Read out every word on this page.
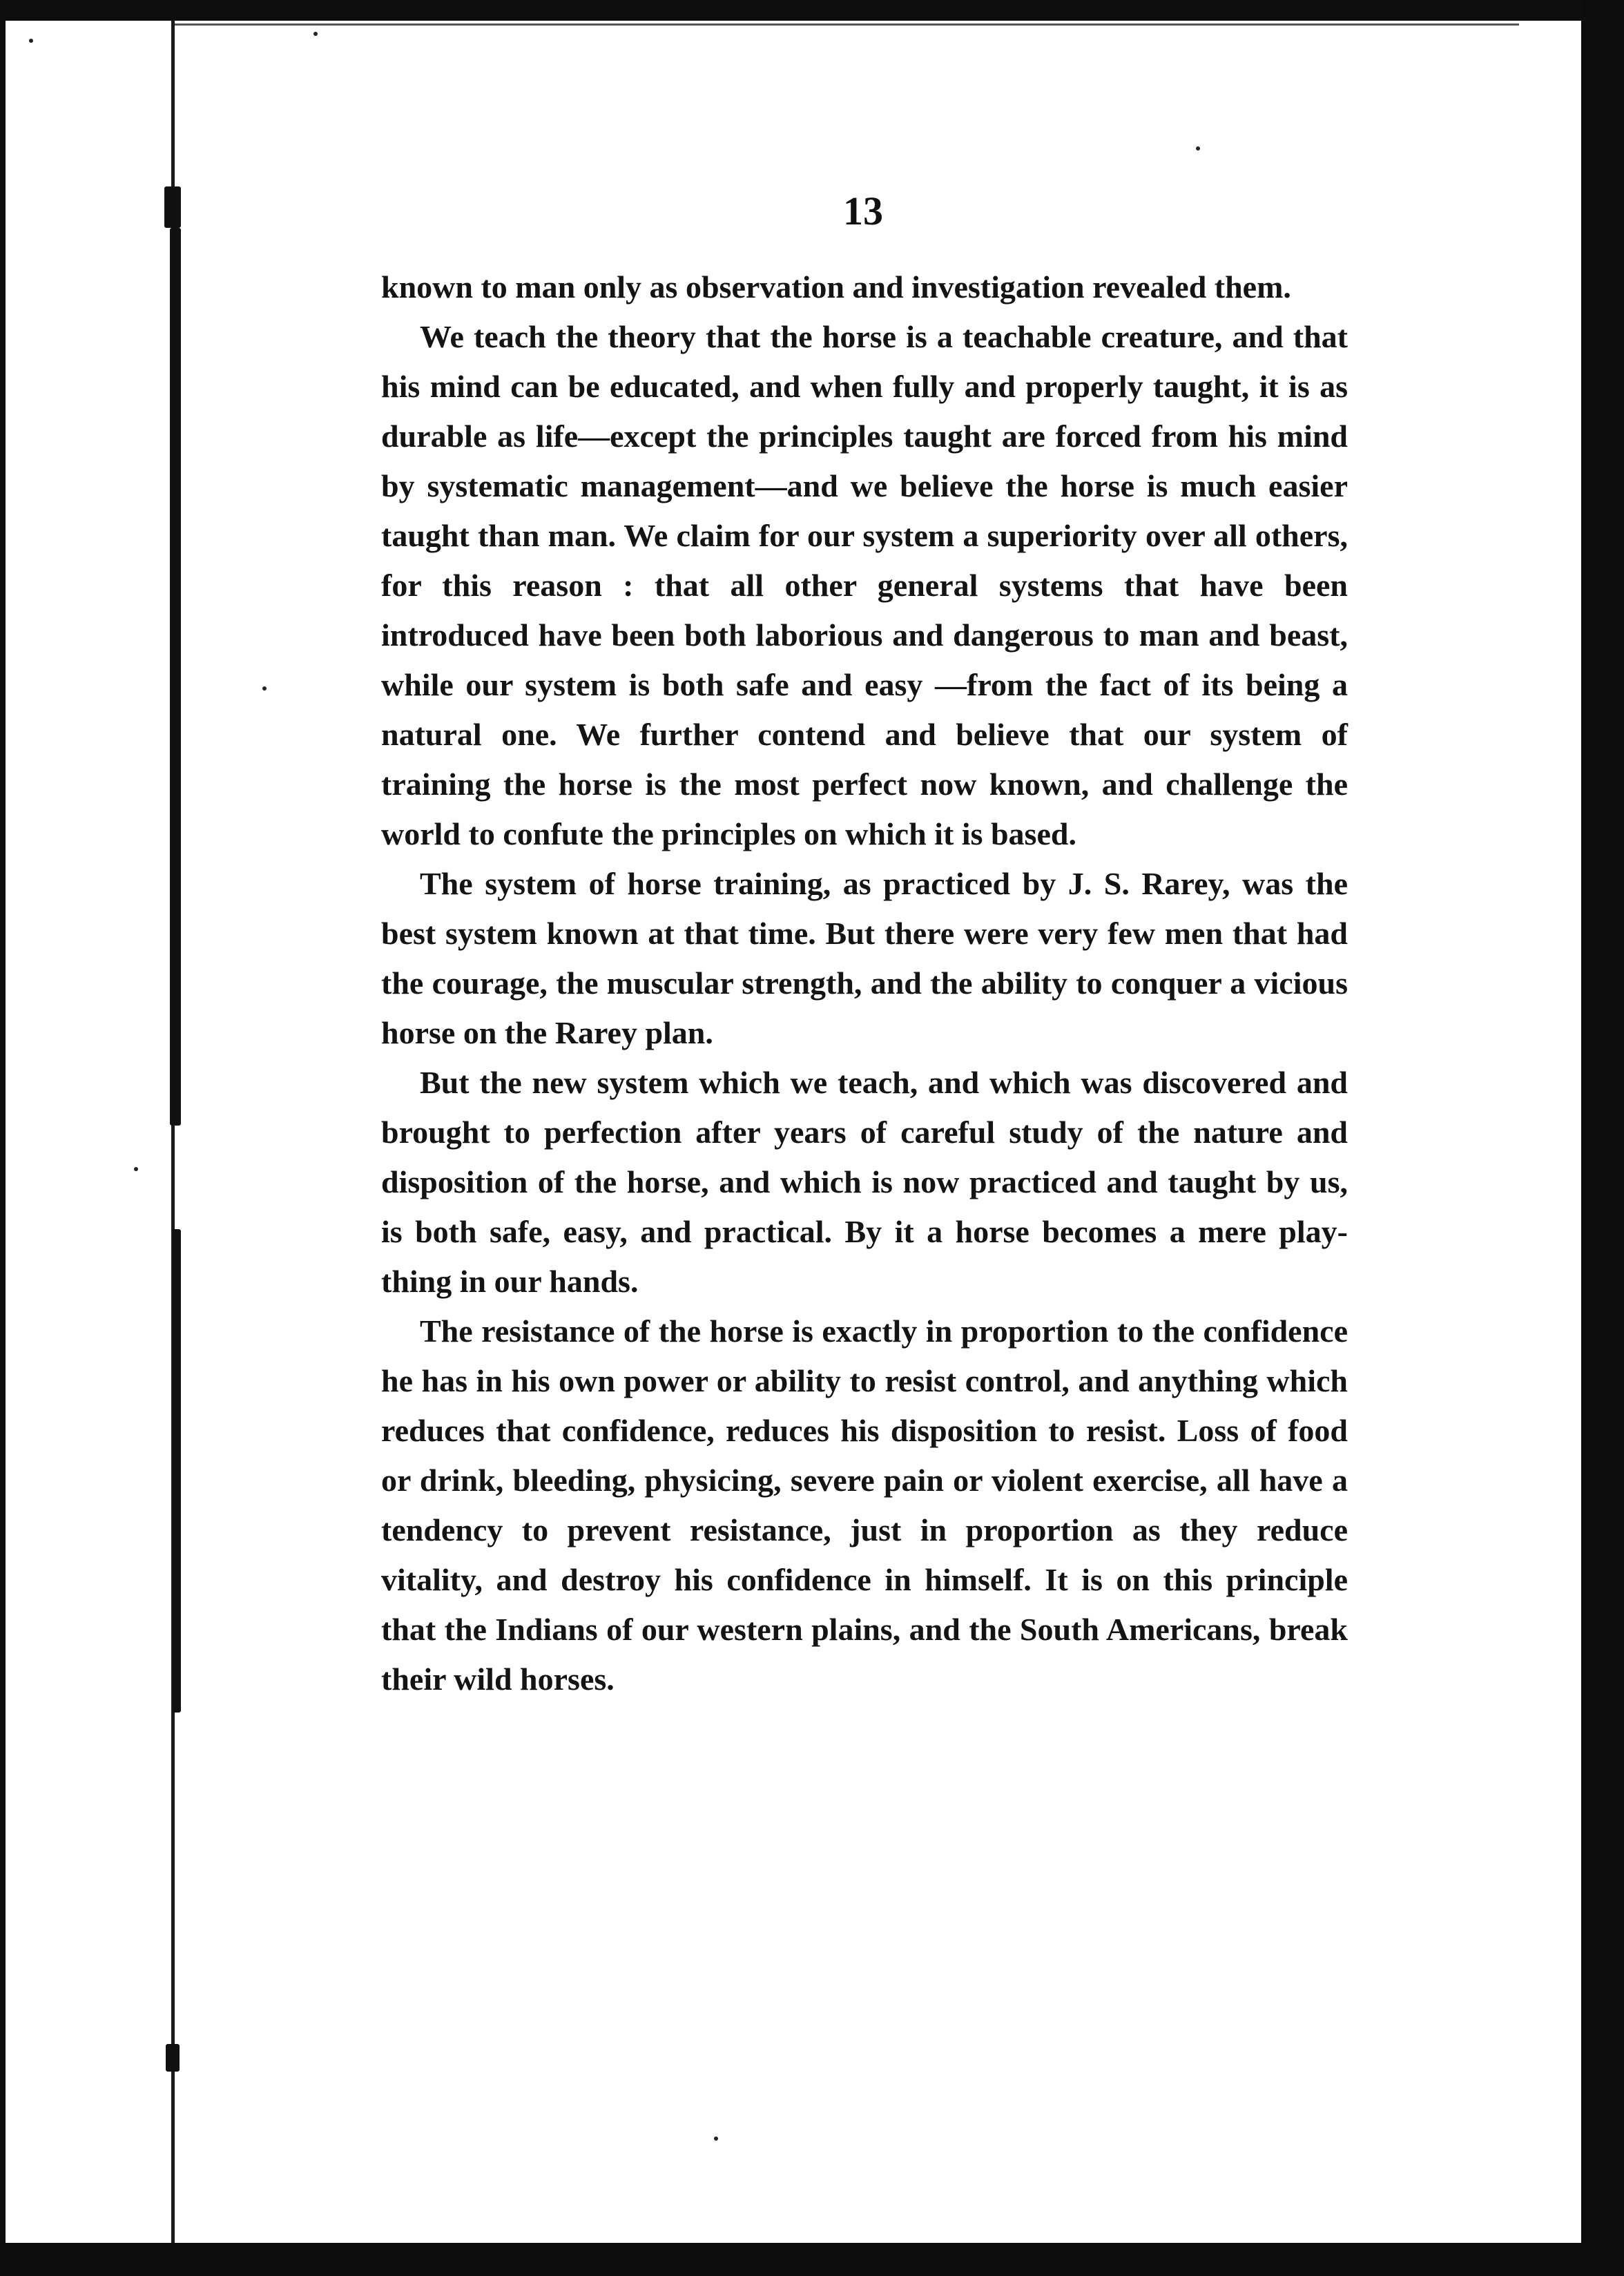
13

known to man only as observation and investigation revealed them.

We teach the theory that the horse is a teachable creature, and that his mind can be educated, and when fully and properly taught, it is as durable as life—except the principles taught are forced from his mind by systematic management—and we believe the horse is much easier taught than man. We claim for our system a superiority over all others, for this reason : that all other general systems that have been introduced have been both laborious and dangerous to man and beast, while our system is both safe and easy —from the fact of its being a natural one. We further contend and believe that our system of training the horse is the most perfect now known, and challenge the world to confute the principles on which it is based.

The system of horse training, as practiced by J. S. Rarey, was the best system known at that time. But there were very few men that had the courage, the muscular strength, and the ability to conquer a vicious horse on the Rarey plan.

But the new system which we teach, and which was discovered and brought to perfection after years of careful study of the nature and disposition of the horse, and which is now practiced and taught by us, is both safe, easy, and practical. By it a horse becomes a mere play-thing in our hands.

The resistance of the horse is exactly in proportion to the confidence he has in his own power or ability to resist control, and anything which reduces that confidence, reduces his disposition to resist. Loss of food or drink, bleeding, physicing, severe pain or violent exercise, all have a tendency to prevent resistance, just in proportion as they reduce vitality, and destroy his confidence in himself. It is on this principle that the Indians of our western plains, and the South Americans, break their wild horses.
